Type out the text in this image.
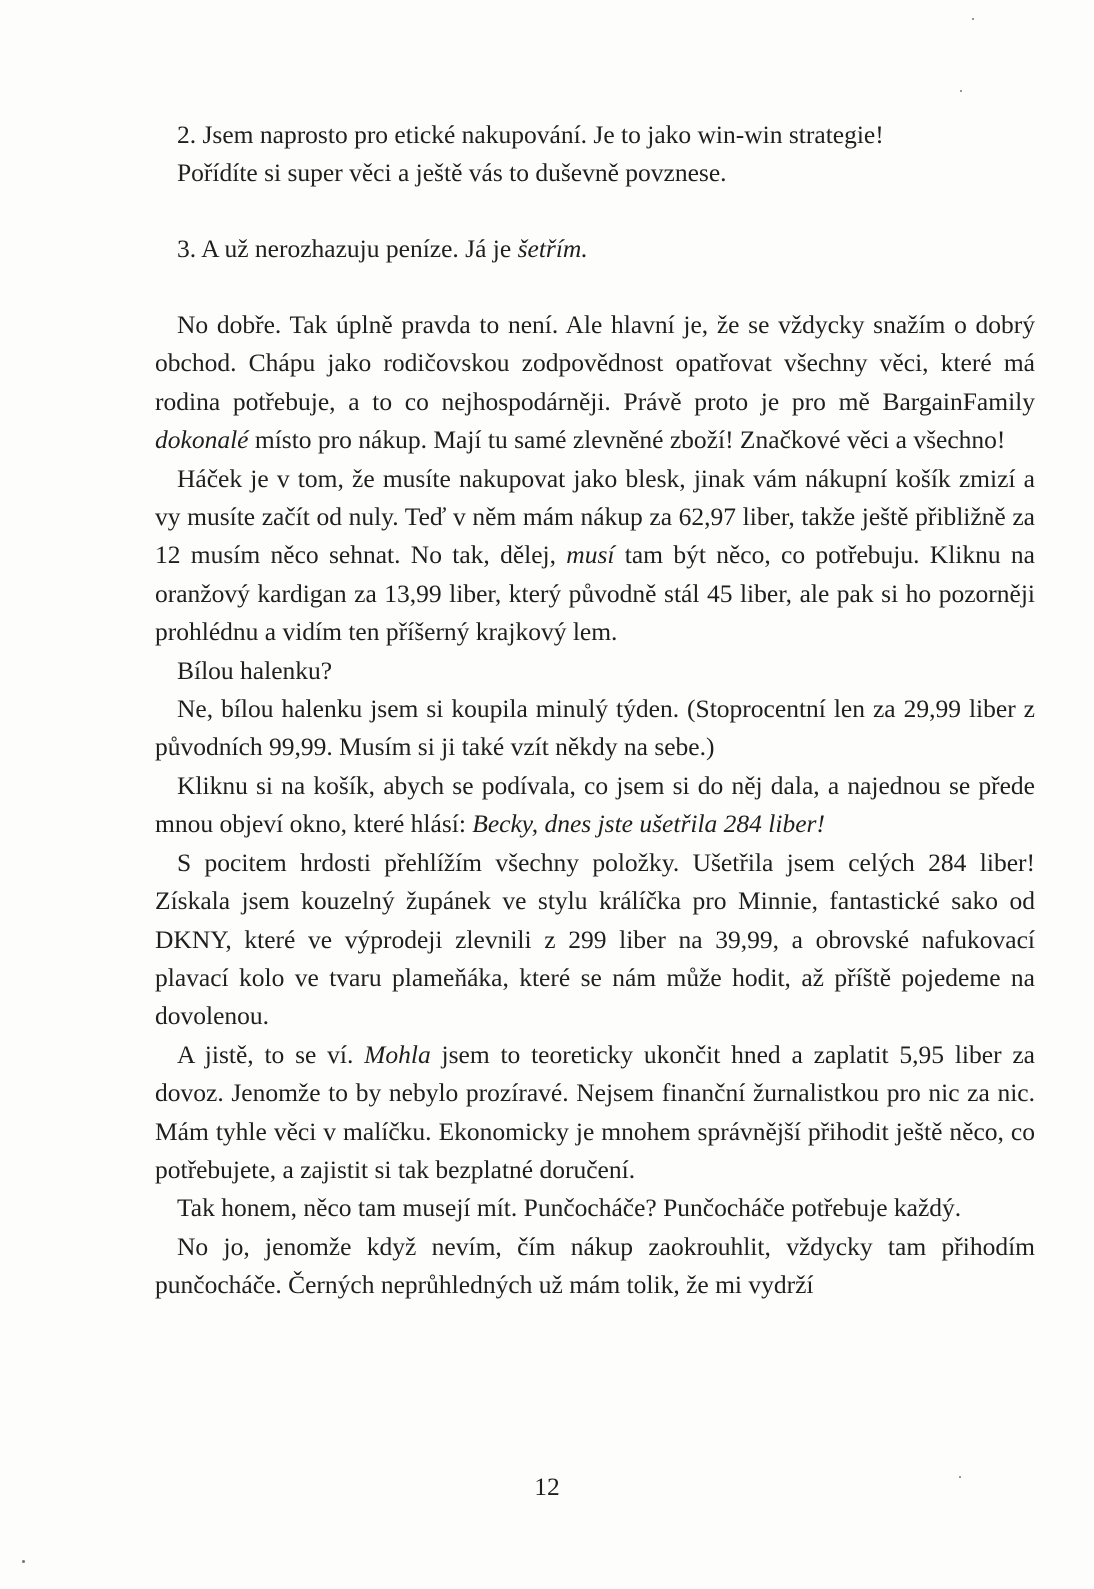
2. Jsem naprosto pro etické nakupování. Je to jako win-win strategie!
Pořídíte si super věci a ještě vás to duševně povznese.
3. A už nerozhazuju peníze. Já je šetřím.

No dobře. Tak úplně pravda to není. Ale hlavní je, že se vždycky snažím o dobrý obchod. Chápu jako rodičovskou zodpovědnost opatřovat všechny věci, které má rodina potřebuje, a to co nejhospodárněji. Právě proto je pro mě BargainFamily dokonalé místo pro nákup. Mají tu samé zlevněné zboží! Značkové věci a všechno!

Háček je v tom, že musíte nakupovat jako blesk, jinak vám nákupní košík zmizí a vy musíte začít od nuly. Teď v něm mám nákup za 62,97 liber, takže ještě přibližně za 12 musím něco sehnat. No tak, dělej, musí tam být něco, co potřebuju. Kliknu na oranžový kardigan za 13,99 liber, který původně stál 45 liber, ale pak si ho pozorněji prohlédnu a vidím ten příšerný krajkový lem.

Bílou halenku?

Ne, bílou halenku jsem si koupila minulý týden. (Stoprocentní len za 29,99 liber z původních 99,99. Musím si ji také vzít někdy na sebe.)

Kliknu si na košík, abych se podívala, co jsem si do něj dala, a najednou se přede mnou objeví okno, které hlásí: Becky, dnes jste ušetřila 284 liber!

S pocitem hrdosti přehlížím všechny položky. Ušetřila jsem celých 284 liber! Získala jsem kouzelný župánek ve stylu králíčka pro Minnie, fantastické sako od DKNY, které ve výprodeji zlevnili z 299 liber na 39,99, a obrovské nafukovací plavací kolo ve tvaru plameňáka, které se nám může hodit, až příště pojedeme na dovolenou.

A jistě, to se ví. Mohla jsem to teoreticky ukončit hned a zaplatit 5,95 liber za dovoz. Jenomže to by nebylo prozíravé. Nejsem finanční žurnalistkou pro nic za nic. Mám tyhle věci v malíčku. Ekonomicky je mnohem správnější přihodit ještě něco, co potřebujete, a zajistit si tak bezplatné doručení.

Tak honem, něco tam musejí mít. Punčocháče? Punčocháče potřebuje každý.

No jo, jenomže když nevím, čím nákup zaokrouhlit, vždycky tam přihodím punčocháče. Černých neprůhledných už mám tolik, že mi vydrží

12
